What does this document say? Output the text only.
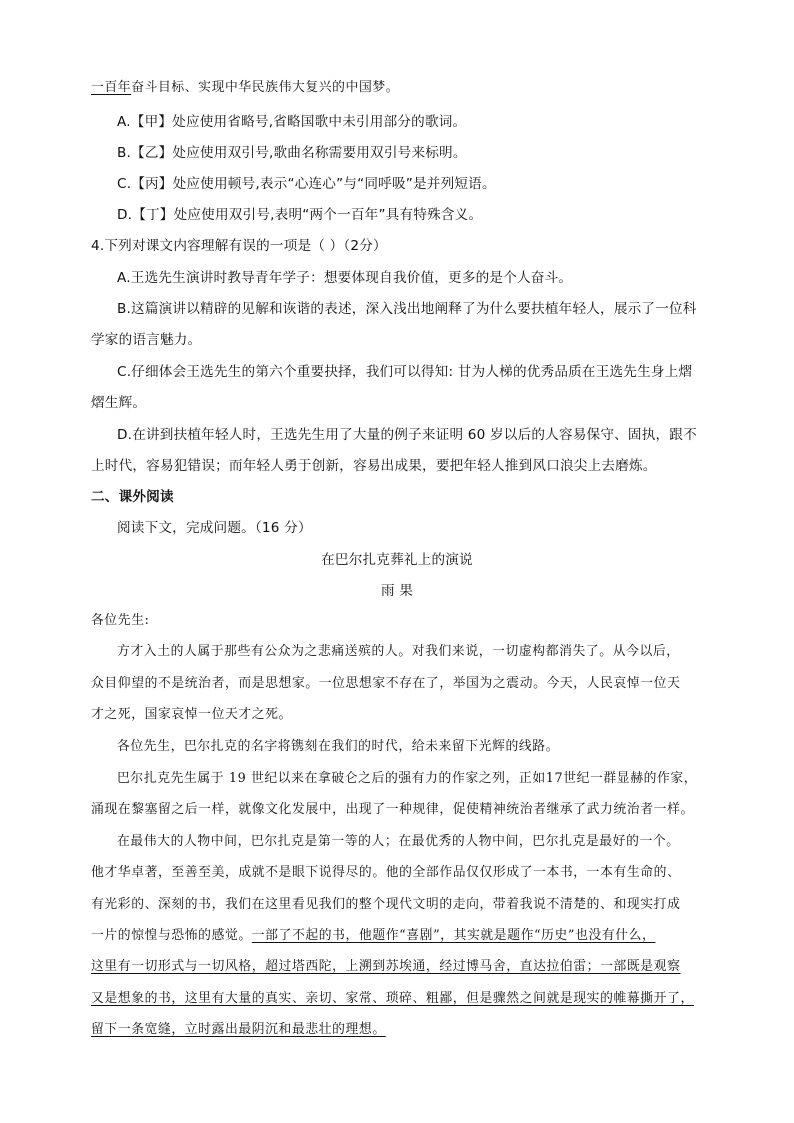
一百年奋斗目标、实现中华民族伟大复兴的中国梦。
A.【甲】处应使用省略号,省略国歌中未引用部分的歌词。
B.【乙】处应使用双引号,歌曲名称需要用双引号来标明。
C.【丙】处应使用顿号,表示“心连心”与“同呼吸”是并列短语。
D.【丁】处应使用双引号,表明“两个一百年”具有特殊含义。
4.下列对课文内容理解有误的一项是（ ）（2分）
A.王选先生演讲时教导青年学子：想要体现自我价值，更多的是个人奋斗。
B.这篇演讲以精辟的见解和诙谐的表述，深入浅出地阐释了为什么要扶植年轻人，展示了一位科
学家的语言魅力。
C.仔细体会王选先生的第六个重要抉择，我们可以得知: 甘为人梯的优秀品质在王选先生身上熠
熠生辉。
D.在讲到扶植年轻人时，王选先生用了大量的例子来证明 60 岁以后的人容易保守、固执，跟不
上时代，容易犯错误；而年轻人勇于创新，容易出成果，要把年轻人推到风口浪尖上去磨炼。
二、课外阅读
阅读下文，完成问题。（16 分）
在巴尔扎克葬礼上的演说
雨 果
各位先生:
方才入土的人属于那些有公众为之悲痛送殡的人。对我们来说，一切虚构都消失了。从今以后，
众目仰望的不是统治者，而是思想家。一位思想家不存在了，举国为之震动。今天，人民哀悼一位天
才之死，国家哀悼一位天才之死。
各位先生，巴尔扎克的名字将镌刻在我们的时代，给未来留下光辉的线路。
巴尔扎克先生属于 19 世纪以来在拿破仑之后的强有力的作家之列，正如17世纪一群显赫的作家，
涌现在黎塞留之后一样，就像文化发展中，出现了一种规律，促使精神统治者继承了武力统治者一样。
在最伟大的人物中间，巴尔扎克是第一等的人；在最优秀的人物中间，巴尔扎克是最好的一个。
他才华卓著，至善至美，成就不是眼下说得尽的。他的全部作品仅仅形成了一本书，一本有生命的、
有光彩的、深刻的书，我们在这里看见我们的整个现代文明的走向，带着我说不清楚的、和现实打成
一片的惊惶与恐怖的感觉。一部了不起的书，他题作“喜剧”，其实就是题作“历史”也没有什么，
这里有一切形式与一切风格，超过塔西陀，上溯到苏埃通，经过博马舍，直达拉伯雷；一部既是观察
又是想象的书，这里有大量的真实、亲切、家常、琐碎、粗鄙，但是骤然之间就是现实的帷幕撕开了，
留下一条宽缝，立时露出最阴沉和最悲壮的理想。
